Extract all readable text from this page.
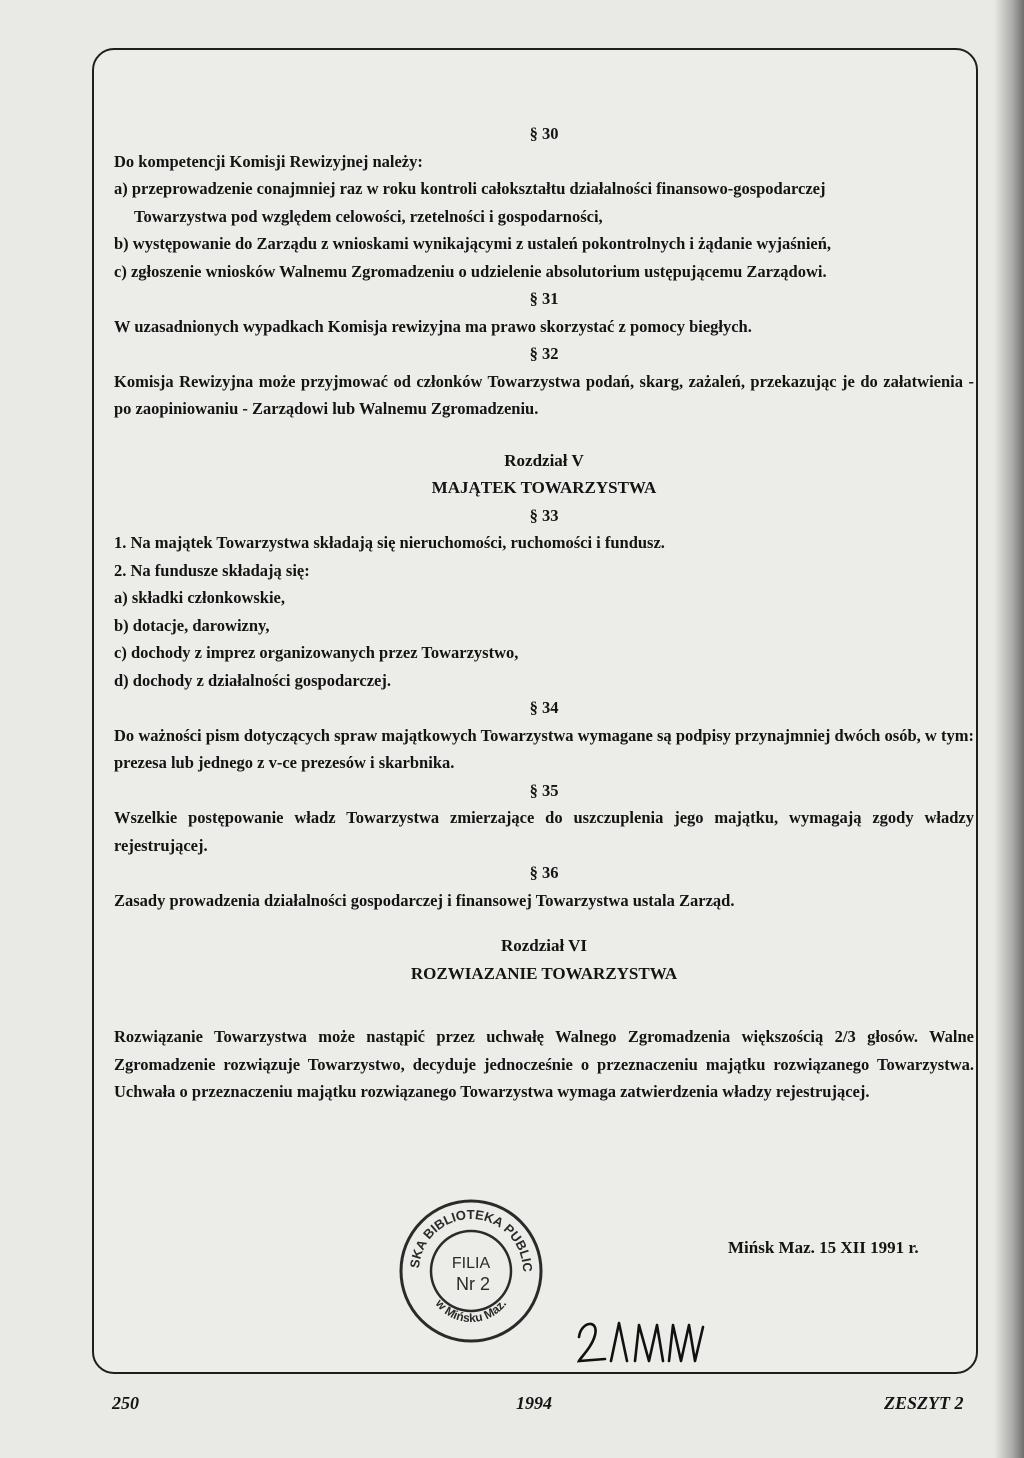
§ 30

Do kompetencji Komisji Rewizyjnej należy:

a) przeprowadzenie conajmniej raz w roku kontroli całokształtu działalności finansowo-gospodarczej

Towarzystwa pod względem celowości, rzetelności i gospodarności,

b) występowanie do Zarządu z wnioskami wynikającymi z ustaleń pokontrolnych i żądanie wyjaśnień,

c) zgłoszenie wniosków Walnemu Zgromadzeniu o udzielenie absolutorium ustępującemu Zarządowi.

§ 31

W uzasadnionych wypadkach Komisja rewizyjna ma prawo skorzystać z pomocy biegłych.

§ 32

Komisja Rewizyjna może przyjmować od członków Towarzystwa podań, skarg, zażaleń, przekazując je do załatwienia - po zaopiniowaniu - Zarządowi lub Walnemu Zgromadzeniu.

Rozdział V

MAJĄTEK TOWARZYSTWA

§ 33

1. Na majątek Towarzystwa składają się nieruchomości, ruchomości i fundusz.

2. Na fundusze składają się:

a) składki członkowskie,

b) dotacje, darowizny,

c) dochody z imprez organizowanych przez Towarzystwo,

d) dochody z działalności gospodarczej.

§ 34

Do ważności pism dotyczących spraw majątkowych Towarzystwa wymagane są podpisy przynajmniej dwóch osób, w tym: prezesa lub jednego z v-ce prezesów i skarbnika.

§ 35

Wszelkie postępowanie władz Towarzystwa zmierzające do uszczuplenia jego majątku, wymagają zgody władzy rejestrującej.

§ 36

Zasady prowadzenia działalności gospodarczej i finansowej Towarzystwa ustala Zarząd.

Rozdział VI

ROZWIAZANIE TOWARZYSTWA

Rozwiązanie Towarzystwa może nastąpić przez uchwałę Walnego Zgromadzenia większością 2/3 głosów. Walne Zgromadzenie rozwiązuje Towarzystwo, decyduje jednocześnie o przeznaczeniu majątku rozwiązanego Towarzystwa. Uchwała o przeznaczeniu majątku rozwiązanego Towarzystwa wymaga zatwierdzenia władzy rejestrującej.

Mińsk Maz. 15 XII 1991 r.

SKA BIBLIOTEKA PUBLIC
w Mińsku Maz.
FILIA
Nr 2
250	1994	ZESZYT 2
